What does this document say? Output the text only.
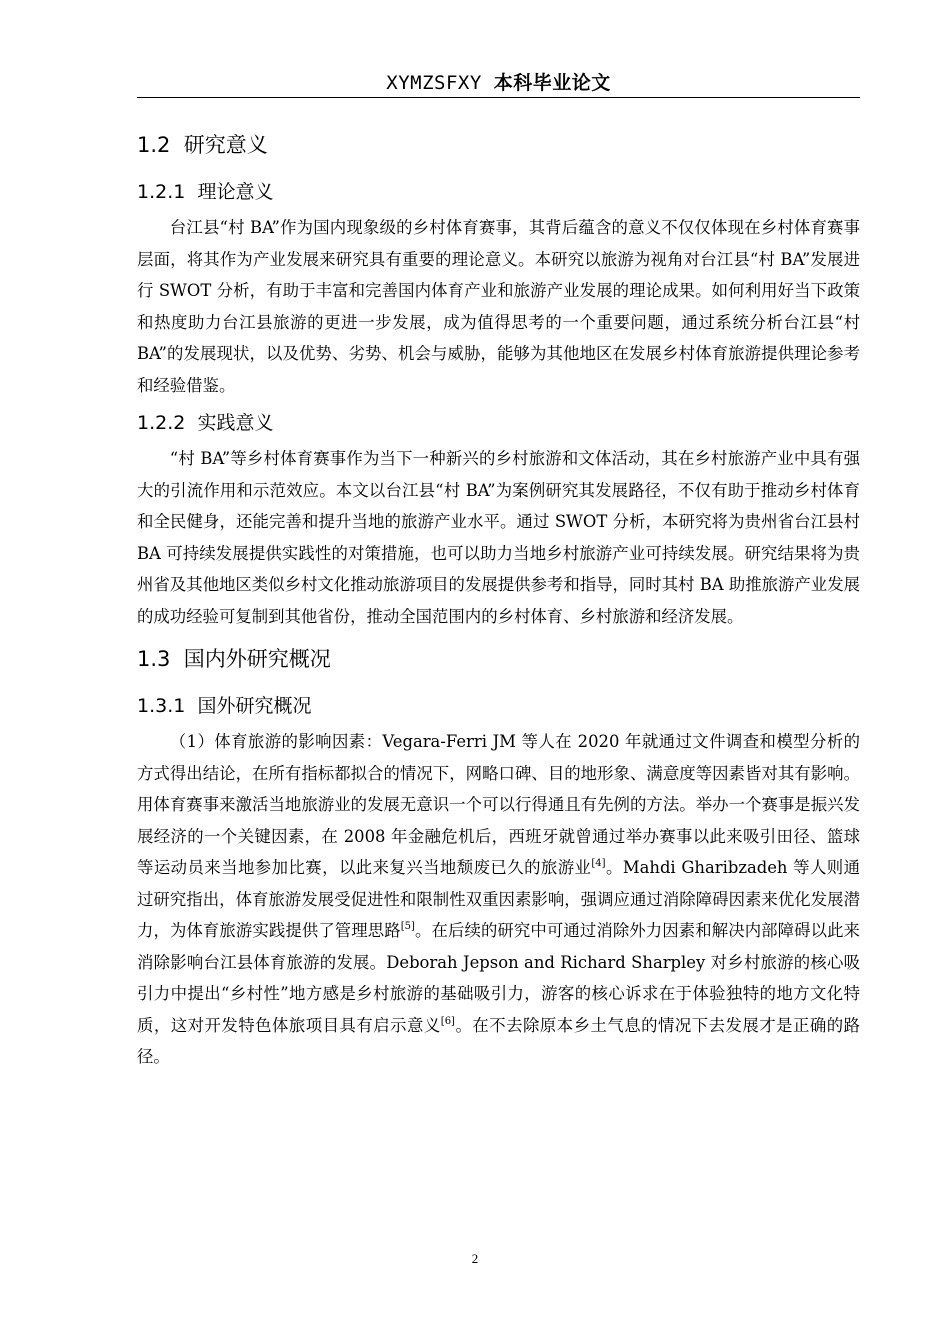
XYMZSFXY 本科毕业论文
1.2 研究意义
1.2.1 理论意义

台江县“村 BA”作为国内现象级的乡村体育赛事，其背后蕴含的意义不仅仅体现在乡村体育赛事层面，将其作为产业发展来研究具有重要的理论意义。本研究以旅游为视角对台江县“村 BA”发展进行 SWOT 分析，有助于丰富和完善国内体育产业和旅游产业发展的理论成果。如何利用好当下政策和热度助力台江县旅游的更进一步发展，成为值得思考的一个重要问题，通过系统分析台江县“村 BA”的发展现状，以及优势、劣势、机会与威胁，能够为其他地区在发展乡村体育旅游提供理论参考和经验借鉴。

1.2.2 实践意义

“村 BA”等乡村体育赛事作为当下一种新兴的乡村旅游和文体活动，其在乡村旅游产业中具有强大的引流作用和示范效应。本文以台江县“村 BA”为案例研究其发展路径，不仅有助于推动乡村体育和全民健身，还能完善和提升当地的旅游产业水平。通过 SWOT 分析，本研究将为贵州省台江县村 BA 可持续发展提供实践性的对策措施，也可以助力当地乡村旅游产业可持续发展。研究结果将为贵州省及其他地区类似乡村文化推动旅游项目的发展提供参考和指导，同时其村 BA 助推旅游产业发展的成功经验可复制到其他省份，推动全国范围内的乡村体育、乡村旅游和经济发展。

1.3 国内外研究概况
1.3.1 国外研究概况

（1）体育旅游的影响因素：Vegara-Ferri JM 等人在 2020 年就通过文件调查和模型分析的方式得出结论，在所有指标都拟合的情况下，网略口碑、目的地形象、满意度等因素皆对其有影响。用体育赛事来激活当地旅游业的发展无意识一个可以行得通且有先例的方法。举办一个赛事是振兴发展经济的一个关键因素，在 2008 年金融危机后，西班牙就曾通过举办赛事以此来吸引田径、篮球等运动员来当地参加比赛，以此来复兴当地颓废已久的旅游业[4]。Mahdi Gharibzadeh 等人则通过研究指出，体育旅游发展受促进性和限制性双重因素影响，强调应通过消除障碍因素来优化发展潜力，为体育旅游实践提供了管理思路[5]。在后续的研究中可通过消除外力因素和解决内部障碍以此来消除影响台江县体育旅游的发展。Deborah Jepson and Richard Sharpley 对乡村旅游的核心吸引力中提出“乡村性”地方感是乡村旅游的基础吸引力，游客的核心诉求在于体验独特的地方文化特质，这对开发特色体旅项目具有启示意义[6]。在不去除原本乡土气息的情况下去发展才是正确的路径。

2
